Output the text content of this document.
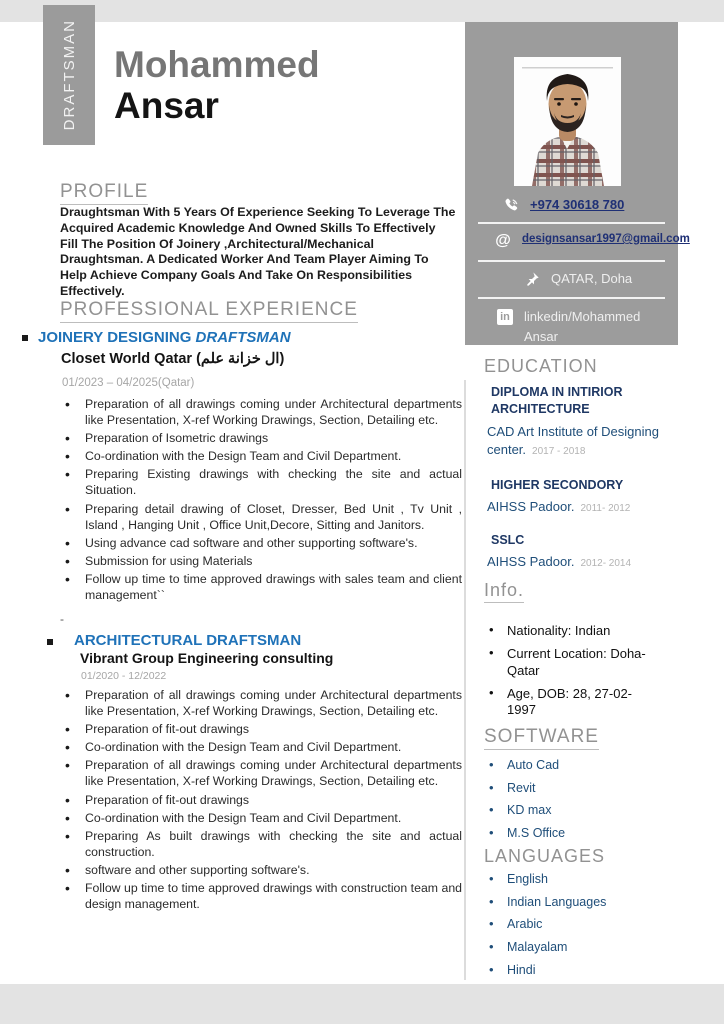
DRAFTSMAN Mohammed
Ansar
PROFILE

Draughtsman With 5 Years Of Experience Seeking To Leverage The Acquired Academic Knowledge And Owned Skills To Effectively Fill The Position Of Joinery ,Architectural/Mechanical Draughtsman. A Dedicated Worker And Team Player Aiming To Help Achieve Company Goals And Take On Responsibilities Effectively.

PROFESSIONAL EXPERIENCE
JOINERY DESIGNING DRAFTSMAN
Closet World Qatar (ال خزانة علم)
01/2023 – 04/2025(Qatar)
• Preparation of all drawings coming under Architectural departments like Presentation, X-ref Working Drawings, Section, Detailing etc.
• Preparation of Isometric drawings
• Co-ordination with the Design Team and Civil Department.
• Preparing Existing drawings with checking the site and actual Situation.
• Preparing detail drawing of Closet, Dresser, Bed Unit , Tv Unit , Island , Hanging Unit , Office Unit,Decore, Sitting and Janitors.
• Using advance cad software and other supporting software's.
• Submission for using Materials
• Follow up time to time approved drawings with sales team and client management``
-
ARCHITECTURAL DRAFTSMAN
Vibrant Group Engineering consulting
01/2020 - 12/2022
• Preparation of all drawings coming under Architectural departments like Presentation, X-ref Working Drawings, Section, Detailing etc.
• Preparation of fit-out drawings
• Co-ordination with the Design Team and Civil Department.
• Preparation of all drawings coming under Architectural departments like Presentation, X-ref Working Drawings, Section, Detailing etc.
• Preparation of fit-out drawings
• Co-ordination with the Design Team and Civil Department.
• Preparing As built drawings with checking the site and actual construction.
• software and other supporting software's.
• Follow up time to time approved drawings with construction team and design management.
+974 30618 780
@ designsansar1997@gmail.com
QATAR, Doha
in	linkedin/Mohammed Ansar
EDUCATION
DIPLOMA IN INTIRIOR ARCHITECTURE
CAD Art Institute of Designing center. 2017 - 2018
HIGHER SECONDORY
AIHSS Padoor. 2011- 2012
SSLC
AIHSS Padoor. 2012- 2014
Info.
• Nationality: Indian
• Current Location: Doha-Qatar
• Age, DOB: 28, 27-02-1997
SOFTWARE
• Auto Cad
• Revit
• KD max
• M.S Office
LANGUAGES
• English
• Indian Languages
• Arabic
• Malayalam
• Hindi
